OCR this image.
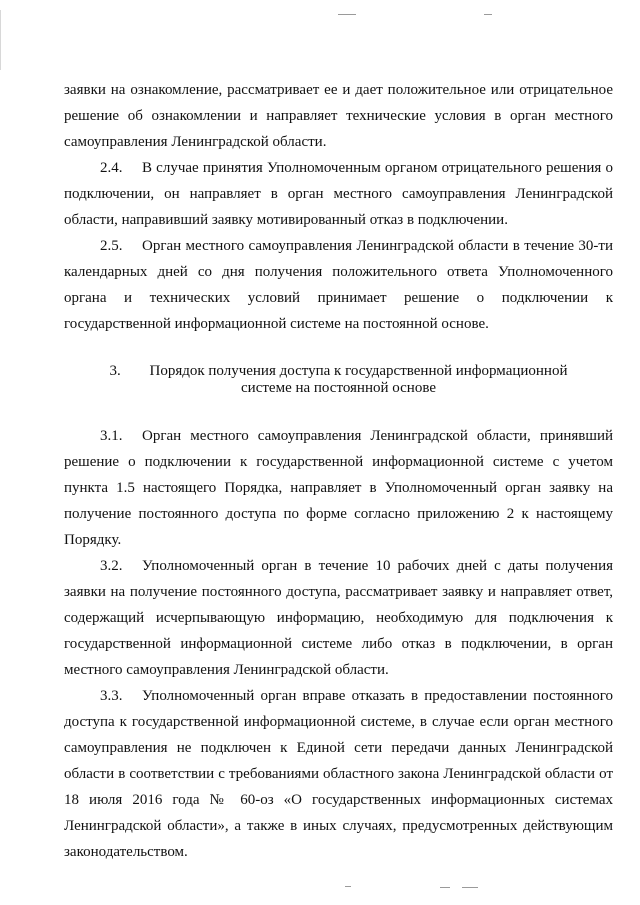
заявки на ознакомление, рассматривает ее и дает положительное или отрицательное решение об ознакомлении и направляет технические условия в орган местного самоуправления Ленинградской области.

2.4. В случае принятия Уполномоченным органом отрицательного решения о подключении, он направляет в орган местного самоуправления Ленинградской области, направивший заявку мотивированный отказ в подключении.

2.5. Орган местного самоуправления Ленинградской области в течение 30-ти календарных дней со дня получения положительного ответа Уполномоченного органа и технических условий принимает решение о подключении к государственной информационной системе на постоянной основе.

3. Порядок получения доступа к государственной информационной
системе на постоянной основе

3.1. Орган местного самоуправления Ленинградской области, принявший решение о подключении к государственной информационной системе с учетом пункта 1.5 настоящего Порядка, направляет в Уполномоченный орган заявку на получение постоянного доступа по форме согласно приложению 2 к настоящему Порядку.

3.2. Уполномоченный орган в течение 10 рабочих дней с даты получения заявки на получение постоянного доступа, рассматривает заявку и направляет ответ, содержащий исчерпывающую информацию, необходимую для подключения к государственной информационной системе либо отказ в подключении, в орган местного самоуправления Ленинградской области.

3.3. Уполномоченный орган вправе отказать в предоставлении постоянного доступа к государственной информационной системе, в случае если орган местного самоуправления не подключен к Единой сети передачи данных Ленинградской области в соответствии с требованиями областного закона Ленинградской области от 18 июля 2016 года № 60-оз «О государственных информационных системах Ленинградской области», а также в иных случаях, предусмотренных действующим законодательством.
